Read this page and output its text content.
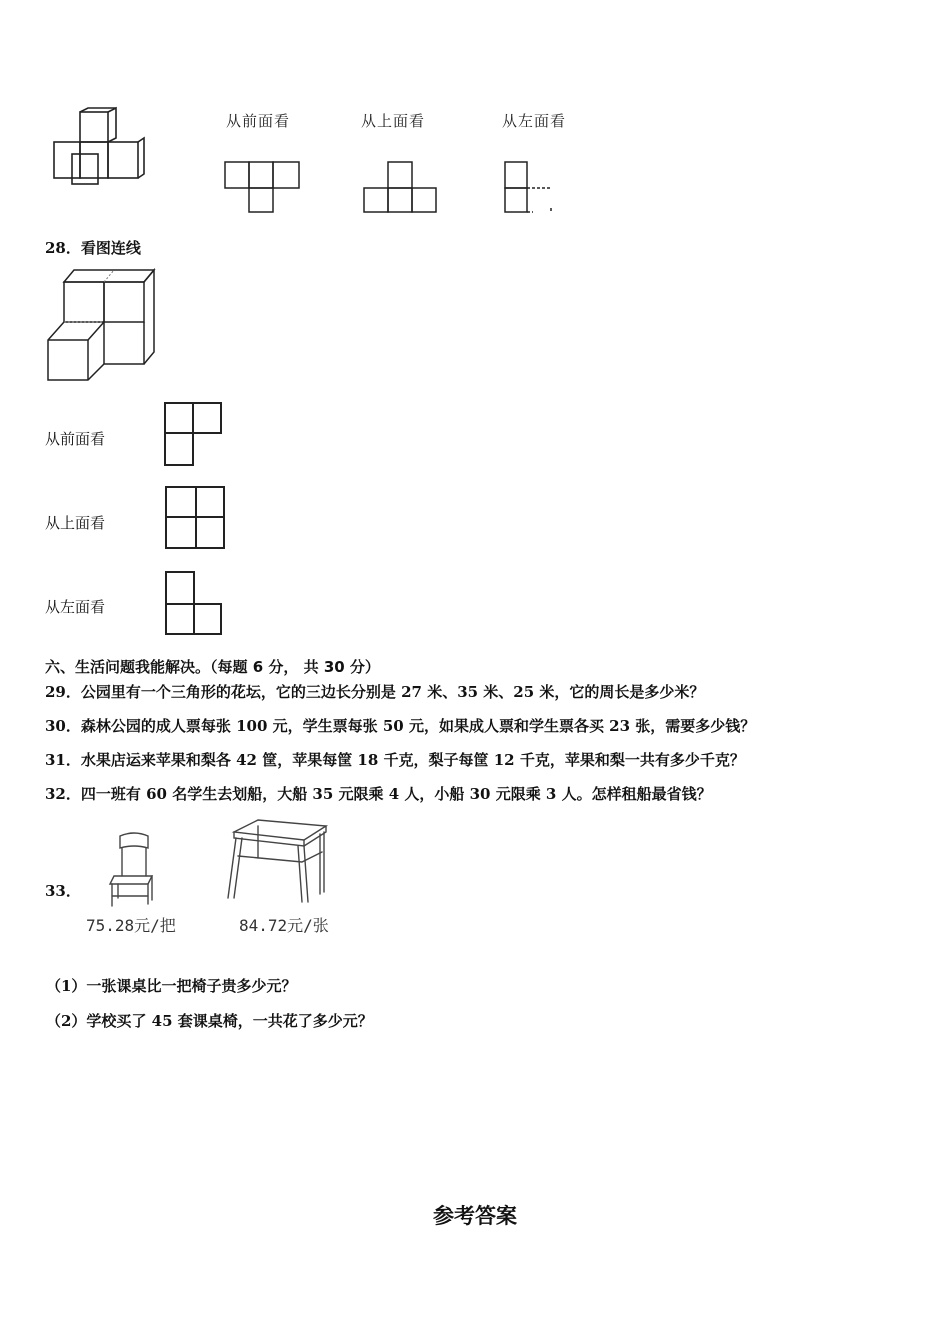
从前面看	从上面看	从左面看
28．看图连线
从前面看
从上面看
从左面看
六、生活问题我能解决。（每题 6 分， 共 30 分）
29．公园里有一个三角形的花坛，它的三边长分别是 27 米、35 米、25 米，它的周长是多少米？
30．森林公园的成人票每张 100 元，学生票每张 50 元，如果成人票和学生票各买 23 张，需要多少钱？
31．水果店运来苹果和梨各 42 筐，苹果每筐 18 千克，梨子每筐 12 千克，苹果和梨一共有多少千克？
32．四一班有 60 名学生去划船，大船 35 元限乘 4 人，小船 30 元限乘 3 人。怎样租船最省钱？
33．
75.28元/把	84.72元/张
（1）一张课桌比一把椅子贵多少元？
（2）学校买了 45 套课桌椅，一共花了多少元？
参考答案
